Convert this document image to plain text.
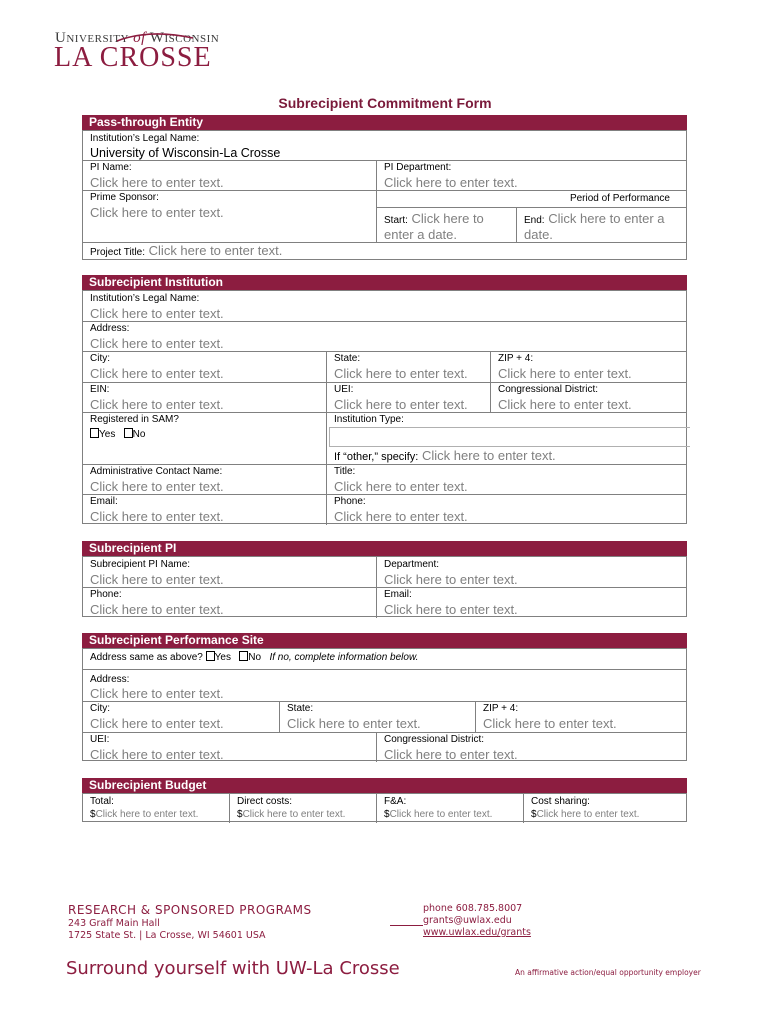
University of Wisconsin
LA CROSSE
Subrecipient Commitment Form
Pass-through Entity
Institution’s Legal Name:
University of Wisconsin-La Crosse
PI Name:
Click here to enter text.
PI Department:
Click here to enter text.
Prime Sponsor:
Click here to enter text.
Period of Performance
Start: Click here to
enter a date.
End: Click here to enter a
date.
Project Title: Click here to enter text.
Subrecipient Institution
Institution’s Legal Name:
Click here to enter text.
Address:
Click here to enter text.
City:
Click here to enter text.
State:
Click here to enter text.
ZIP + 4:
Click here to enter text.
EIN:
Click here to enter text.
UEI:
Click here to enter text.
Congressional District:
Click here to enter text.
Registered in SAM?
Yes No
Institution Type:
If “other,” specify: Click here to enter text.
Administrative Contact Name:
Click here to enter text.
Title:
Click here to enter text.
Email:
Click here to enter text.
Phone:
Click here to enter text.
Subrecipient PI
Subrecipient PI Name:
Click here to enter text.
Department:
Click here to enter text.
Phone:
Click here to enter text.
Email:
Click here to enter text.
Subrecipient Performance Site
Address same as above? Yes No If no, complete information below.
Address:
Click here to enter text.
City:
Click here to enter text.
State:
Click here to enter text.
ZIP + 4:
Click here to enter text.
UEI:
Click here to enter text.
Congressional District:
Click here to enter text.
Subrecipient Budget
Total:
$Click here to enter text.
Direct costs:
$Click here to enter text.
F&A:
$Click here to enter text.
Cost sharing:
$Click here to enter text.
RESEARCH & SPONSORED PROGRAMS
243 Graff Main Hall
1725 State St. | La Crosse, WI 54601 USA
phone 608.785.8007
grants@uwlax.edu
www.uwlax.edu/grants
Surround yourself with UW-La Crosse	An affirmative action/equal opportunity employer
